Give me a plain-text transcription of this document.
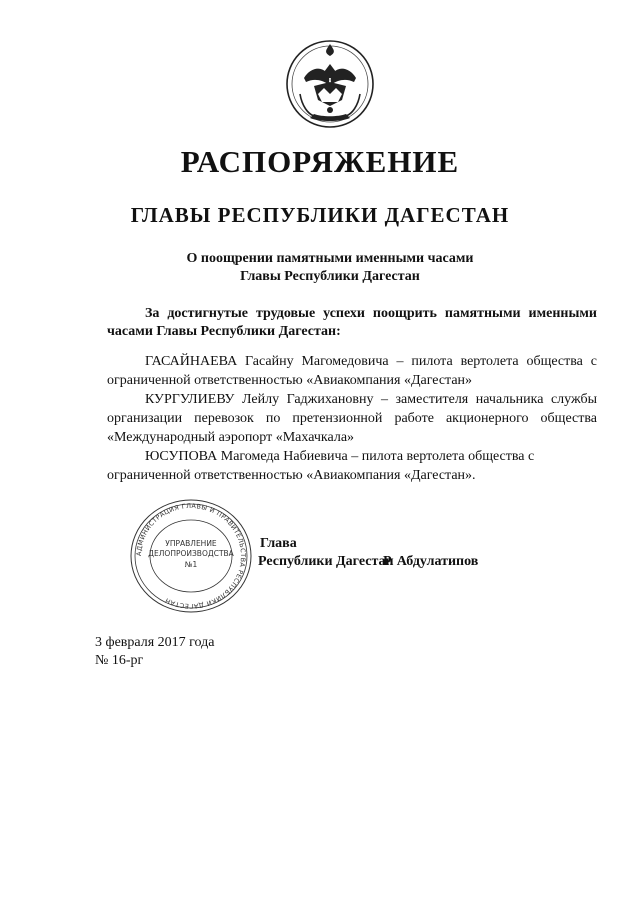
РАСПОРЯЖЕНИЕ
ГЛАВЫ РЕСПУБЛИКИ ДАГЕСТАН
О поощрении памятными именными часами
Главы Республики Дагестан

За достигнутые трудовые успехи поощрить памятными именными часами Главы Республики Дагестан:

ГАСАЙНАЕВА Гасайну Магомедовича – пилота вертолета общества с ограниченной ответственностью «Авиакомпания «Дагестан»
КУРГУЛИЕВУ Лейлу Гаджихановну – заместителя начальника службы организации перевозок по претензионной работе акционерного общества «Международный аэропорт «Махачкала»
ЮСУПОВА Магомеда Набиевича – пилота вертолета общества с ограниченной ответственностью «Авиакомпания «Дагестан».
АДМИНИСТРАЦИЯ ГЛАВЫ И ПРАВИТЕЛЬСТВА РЕСПУБЛИКИ ДАГЕСТАН
УПРАВЛЕНИЕ
ДЕЛОПРОИЗВОДСТВА
№1
Глава
Республики Дагестан

Р. Абдулатипов

3 февраля 2017 года

№ 16-рг
